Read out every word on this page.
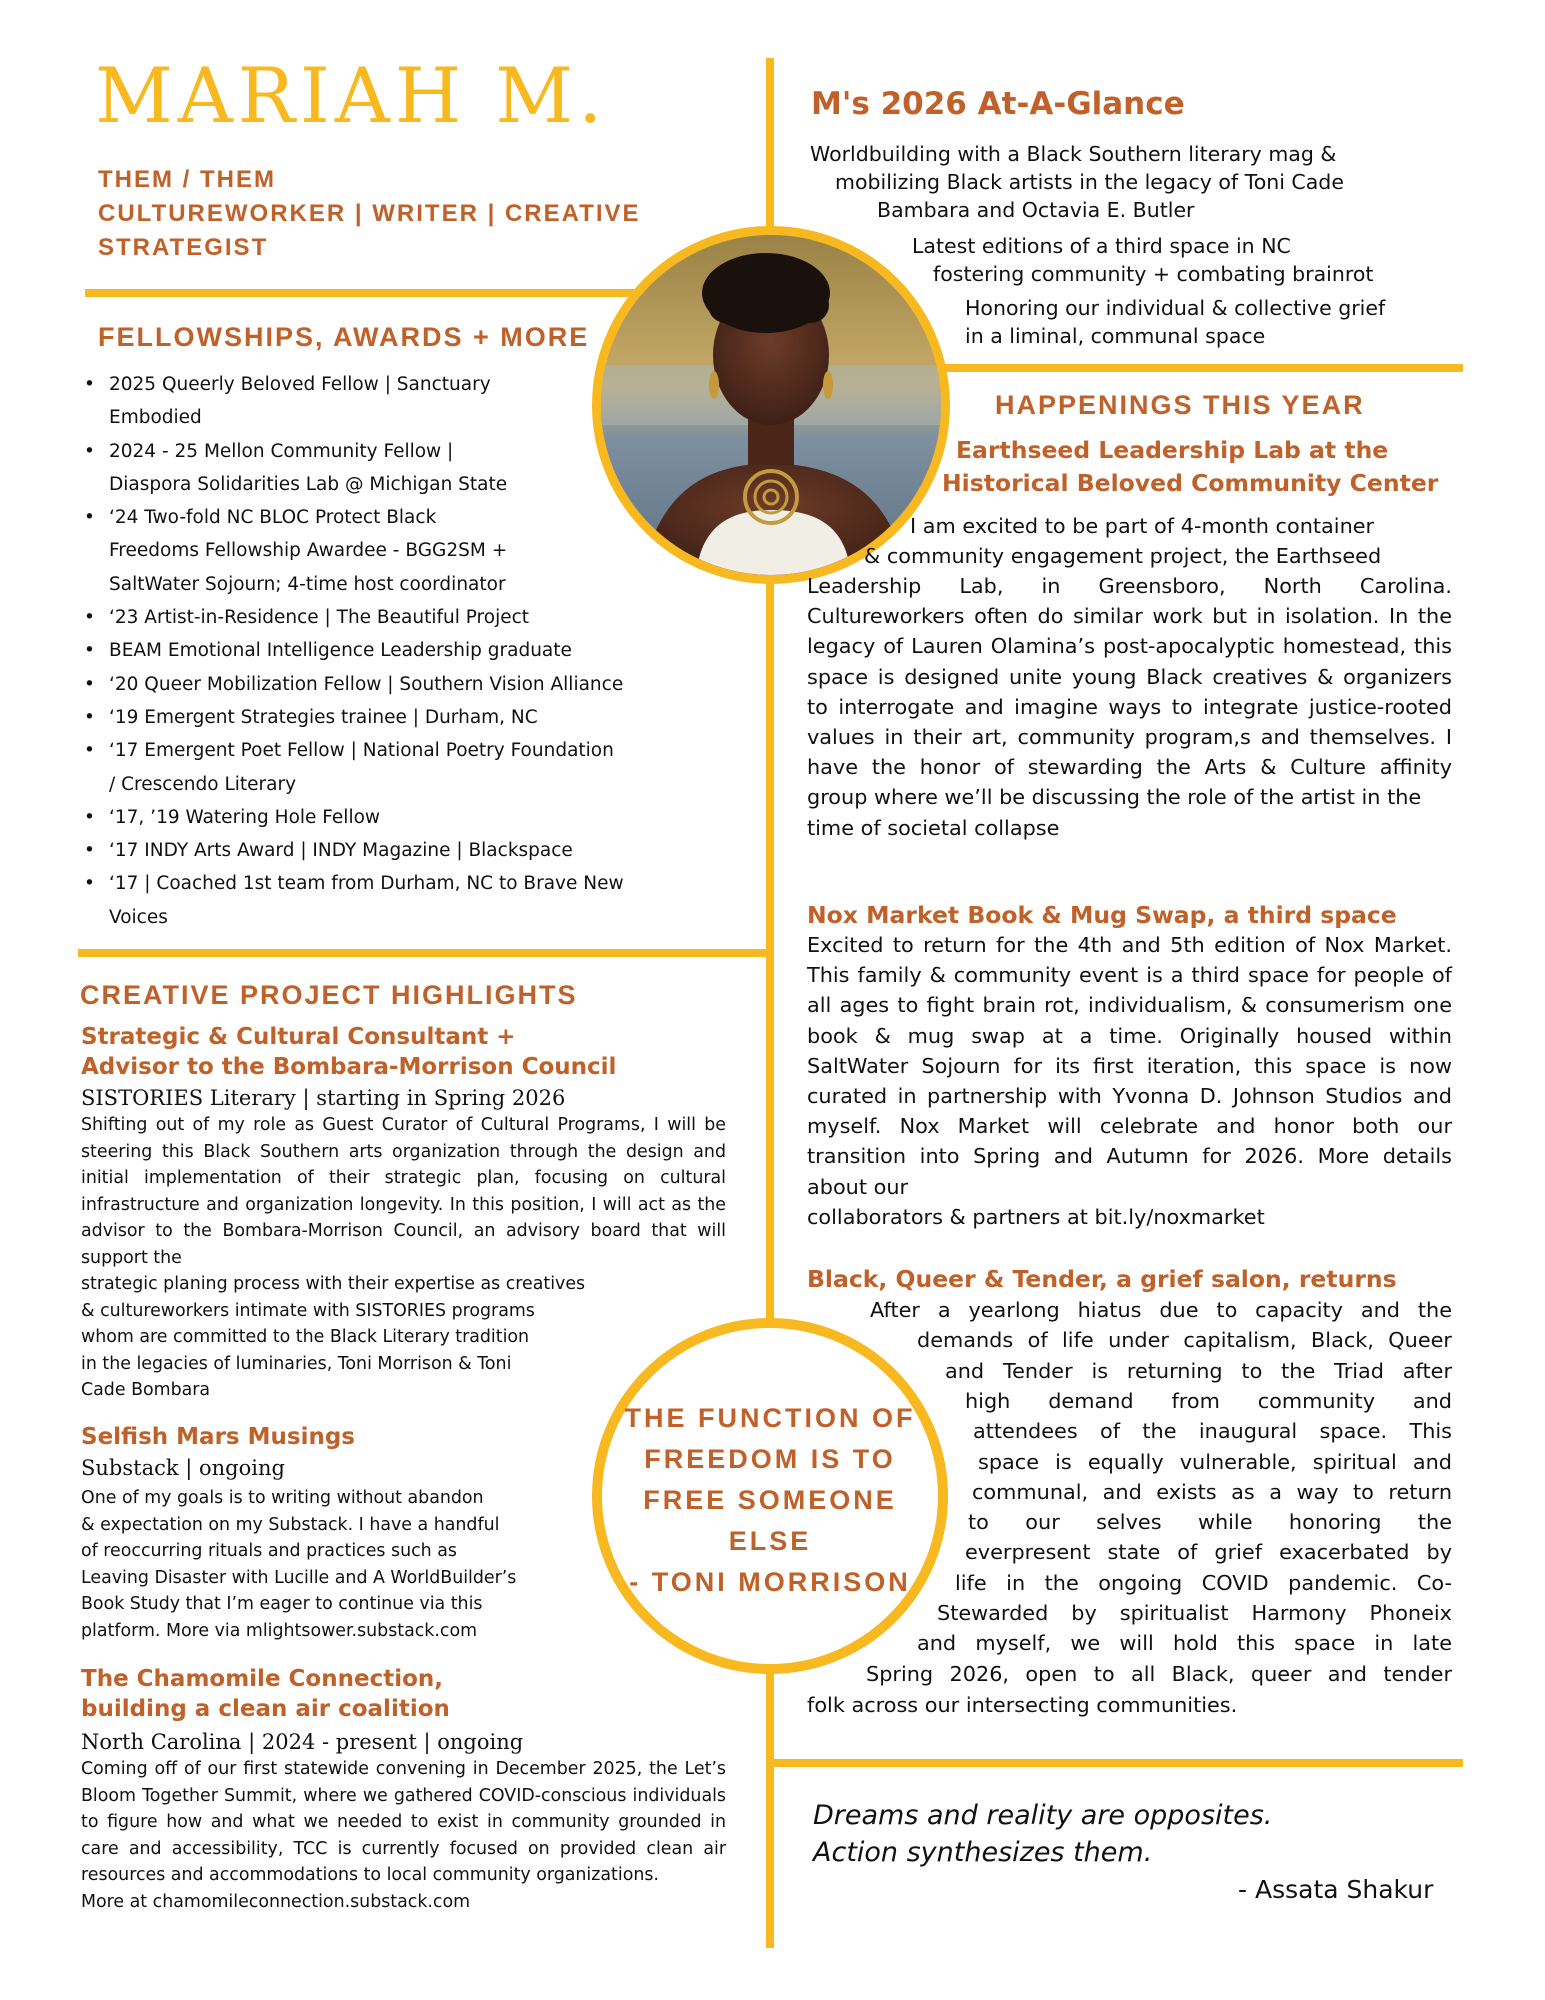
MARIAH M.
THEM / THEM
CULTUREWORKER | WRITER | CREATIVE
STRATEGIST
FELLOWSHIPS, AWARDS + MORE
• 2025 Queerly Beloved Fellow | Sanctuary
Embodied
• 2024 - 25 Mellon Community Fellow |
Diaspora Solidarities Lab @ Michigan State
• ‘24 Two-fold NC BLOC Protect Black
Freedoms Fellowship Awardee - BGG2SM +
SaltWater Sojourn; 4-time host coordinator
• ‘23 Artist-in-Residence | The Beautiful Project
• BEAM Emotional Intelligence Leadership graduate
• ‘20 Queer Mobilization Fellow | Southern Vision Alliance
• ‘19 Emergent Strategies trainee | Durham, NC
• ‘17 Emergent Poet Fellow | National Poetry Foundation
/ Crescendo Literary
• ‘17, ’19 Watering Hole Fellow
• ‘17 INDY Arts Award | INDY Magazine | Blackspace
• ‘17 | Coached 1st team from Durham, NC to Brave New
Voices
CREATIVE PROJECT HIGHLIGHTS
Strategic & Cultural Consultant +
Advisor to the Bombara-Morrison Council
SISTORIES Literary | starting in Spring 2026
Shifting out of my role as Guest Curator of Cultural Programs, I will be steering this Black Southern arts organization through the design and initial implementation of their strategic plan, focusing on cultural infrastructure and organization longevity. In this position, I will act as the advisor to the Bombara-Morrison Council, an advisory board that will support the
strategic planing process with their expertise as creatives
& cultureworkers intimate with SISTORIES programs
whom are committed to the Black Literary tradition
in the legacies of luminaries, Toni Morrison & Toni
Cade Bombara
Selfish Mars Musings
Substack | ongoing
One of my goals is to writing without abandon
& expectation on my Substack. I have a handful
of reoccurring rituals and practices such as
Leaving Disaster with Lucille and A WorldBuilder’s
Book Study that I’m eager to continue via this
platform. More via mlightsower.substack.com
The Chamomile Connection,
building a clean air coalition
North Carolina | 2024 - present | ongoing
Coming off of our first statewide convening in December 2025, the Let’s Bloom Together Summit, where we gathered COVID-conscious individuals to figure how and what we needed to exist in community grounded in care and accessibility, TCC is currently focused on provided clean air resources and accommodations to local community organizations.
More at chamomileconnection.substack.com
M's 2026 At-A-Glance
Worldbuilding with a Black Southern literary mag &
mobilizing Black artists in the legacy of Toni Cade
Bambara and Octavia E. Butler
Latest editions of a third space in NC
fostering community + combating brainrot
Honoring our individual & collective grief
in a liminal, communal space
HAPPENINGS THIS YEAR
Earthseed Leadership Lab at the
Historical Beloved Community Center
I am excited to be part of 4-month container
& community engagement project, the Earthseed
Leadership Lab, in Greensboro, North Carolina. Cultureworkers often do similar work but in isolation. In the legacy of Lauren Olamina’s post-apocalyptic homestead, this space is designed unite young Black creatives & organizers to interrogate and imagine ways to integrate justice-rooted values in their art, community program,s and themselves. I have the honor of stewarding the Arts & Culture affinity group where we’ll be discussing the role of the artist in the
time of societal collapse
Nox Market Book & Mug Swap, a third space
Excited to return for the 4th and 5th edition of Nox Market. This family & community event is a third space for people of all ages to fight brain rot, individualism, & consumerism one book & mug swap at a time. Originally housed within SaltWater Sojourn for its first iteration, this space is now curated in partnership with Yvonna D. Johnson Studios and myself. Nox Market will celebrate and honor both our transition into Spring and Autumn for 2026. More details about our
collaborators & partners at bit.ly/noxmarket
Black, Queer & Tender, a grief salon, returns
After a yearlong hiatus due to capacity and the
demands of life under capitalism, Black, Queer
and Tender is returning to the Triad after
high demand from community and
attendees of the inaugural space. This
space is equally vulnerable, spiritual and
communal, and exists as a way to return
to our selves while honoring the
everpresent state of grief exacerbated by
life in the ongoing COVID pandemic. Co-
Stewarded by spiritualist Harmony Phoneix
and myself, we will hold this space in late
Spring 2026, open to all Black, queer and tender
folk across our intersecting communities.
THE FUNCTION OF
FREEDOM IS TO
FREE SOMEONE
ELSE
- TONI MORRISON
Dreams and reality are opposites.
Action synthesizes them.
- Assata Shakur
